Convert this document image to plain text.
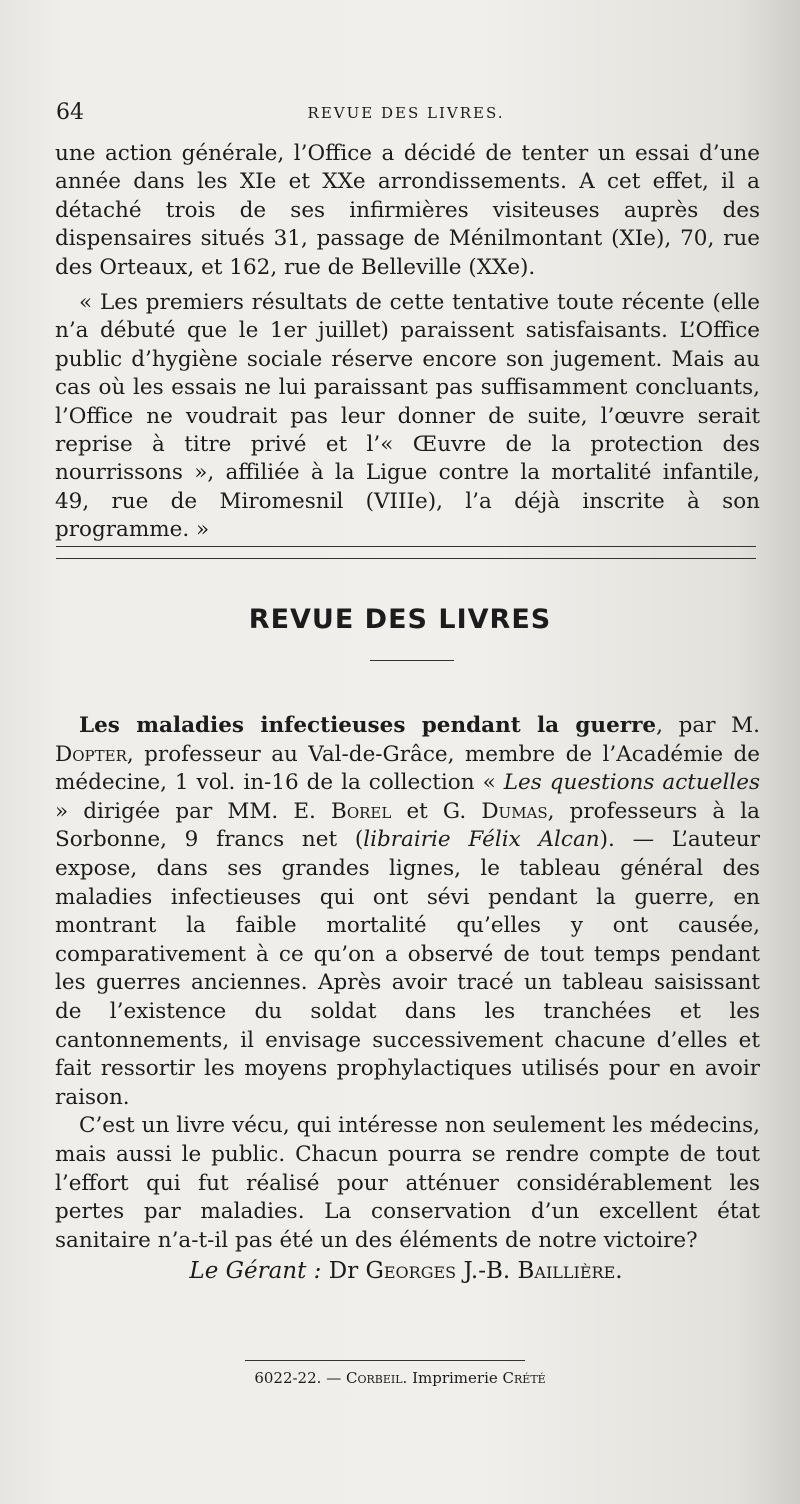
64	REVUE DES LIVRES.
une action générale, l’Office a décidé de tenter un essai d’une année dans les XIe et XXe arrondissements. A cet effet, il a détaché trois de ses infirmières visiteuses auprès des dispensaires situés 31, passage de Ménilmontant (XIe), 70, rue des Orteaux, et 162, rue de Belleville (XXe).
« Les premiers résultats de cette tentative toute récente (elle n’a débuté que le 1er juillet) paraissent satisfaisants. L’Office public d’hygiène sociale réserve encore son jugement. Mais au cas où les essais ne lui paraissant pas suffisamment concluants, l’Office ne voudrait pas leur donner de suite, l’œuvre serait reprise à titre privé et l’« Œuvre de la protection des nourrissons », affiliée à la Ligue contre la mortalité infantile, 49, rue de Miromesnil (VIIIe), l’a déjà inscrite à son programme. »
REVUE DES LIVRES

Les maladies infectieuses pendant la guerre, par M. Dopter, professeur au Val-de-Grâce, membre de l’Académie de médecine, 1 vol. in-16 de la collection « Les questions actuelles » dirigée par MM. E. Borel et G. Dumas, professeurs à la Sorbonne, 9 francs net (librairie Félix Alcan). — L’auteur expose, dans ses grandes lignes, le tableau général des maladies infectieuses qui ont sévi pendant la guerre, en montrant la faible mortalité qu’elles y ont causée, comparativement à ce qu’on a observé de tout temps pendant les guerres anciennes. Après avoir tracé un tableau saisissant de l’existence du soldat dans les tranchées et les cantonnements, il envisage successivement chacune d’elles et fait ressortir les moyens prophylactiques utilisés pour en avoir raison.

C’est un livre vécu, qui intéresse non seulement les médecins, mais aussi le public. Chacun pourra se rendre compte de tout l’effort qui fut réalisé pour atténuer considérablement les pertes par maladies. La conservation d’un excellent état sanitaire n’a-t-il pas été un des éléments de notre victoire?

Le Gérant : Dr Georges J.-B. Baillière.
6022-22. — Corbeil. Imprimerie Crété
